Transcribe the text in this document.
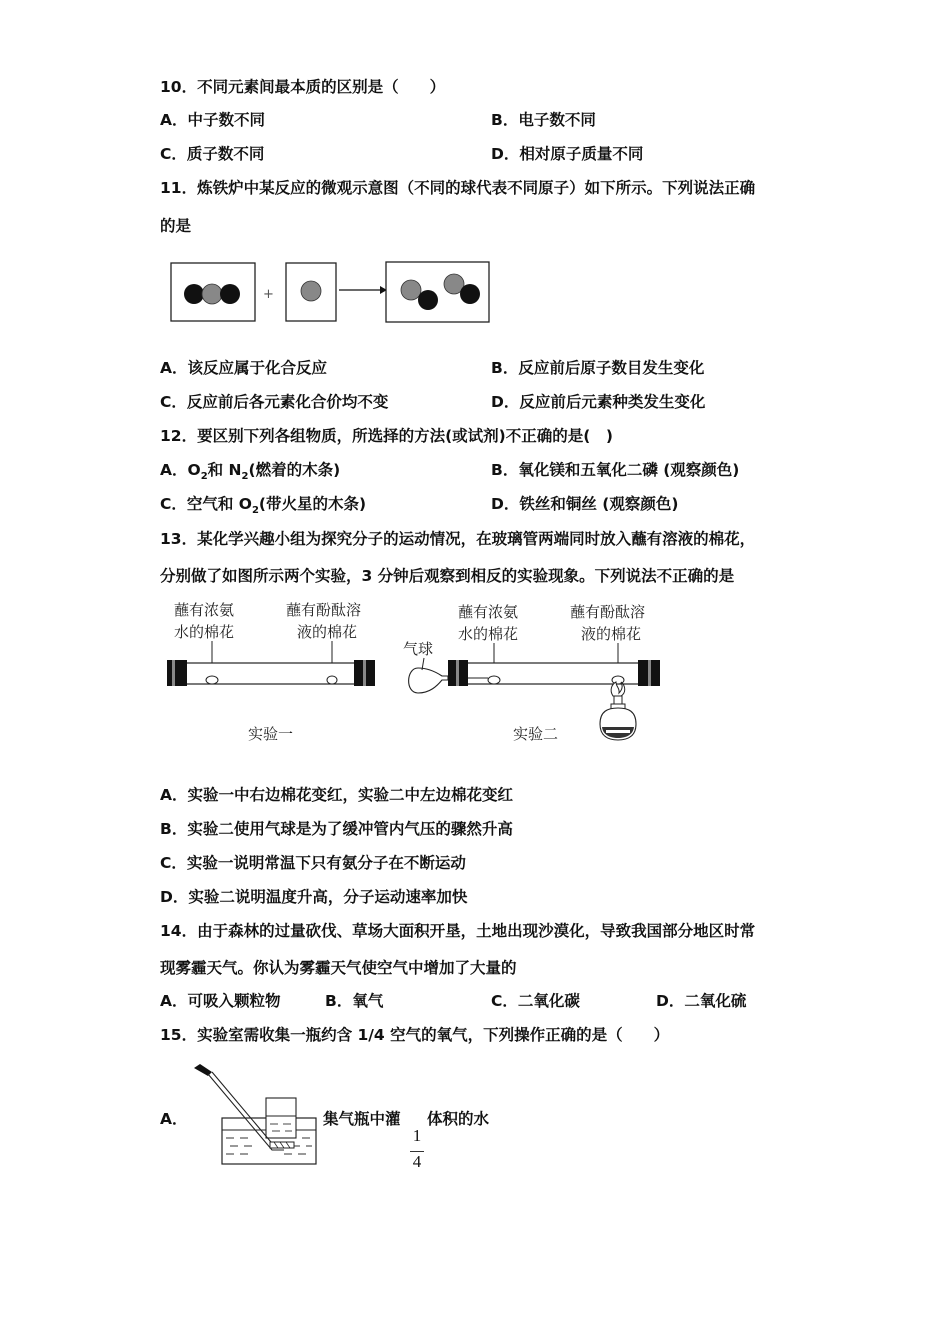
10．不同元素间最本质的区别是（　　）
A．中子数不同	B．电子数不同
C．质子数不同	D．相对原子质量不同
11．炼铁炉中某反应的微观示意图（不同的球代表不同原子）如下所示。下列说法正确
的是
+
A．该反应属于化合反应	B．反应前后原子数目发生变化
C．反应前后各元素化合价均不变	D．反应前后元素种类发生变化
12．要区别下列各组物质，所选择的方法(或试剂)不正确的是(　)
A．$O_2$和 $N_2$(燃着的木条)	B．氧化镁和五氧化二磷 (观察颜色)
C．空气和 $O_2$(带火星的木条)	D．铁丝和铜丝 (观察颜色)
13．某化学兴趣小组为探究分子的运动情况，在玻璃管两端同时放入蘸有溶液的棉花，
分别做了如图所示两个实验，3 分钟后观察到相反的实验现象。下列说法不正确的是
蘸有浓氨
水的棉花
蘸有酚酞溶
液的棉花
实验一
气球
蘸有浓氨
水的棉花
蘸有酚酞溶
液的棉花
实验二
A．实验一中右边棉花变红，实验二中左边棉花变红
B．实验二使用气球是为了缓冲管内气压的骤然升高
C．实验一说明常温下只有氨分子在不断运动
D．实验二说明温度升高，分子运动速率加快
14．由于森林的过量砍伐、草场大面积开垦，土地出现沙漠化，导致我国部分地区时常
现雾霾天气。你认为雾霾天气使空气中增加了大量的
A．可吸入颗粒物	B．氧气	C．二氧化碳	D．二氧化硫
15．实验室需收集一瓶约含 1/4 空气的氧气，下列操作正确的是（　　）
A．	集气瓶中灌 体积的水
1
4
